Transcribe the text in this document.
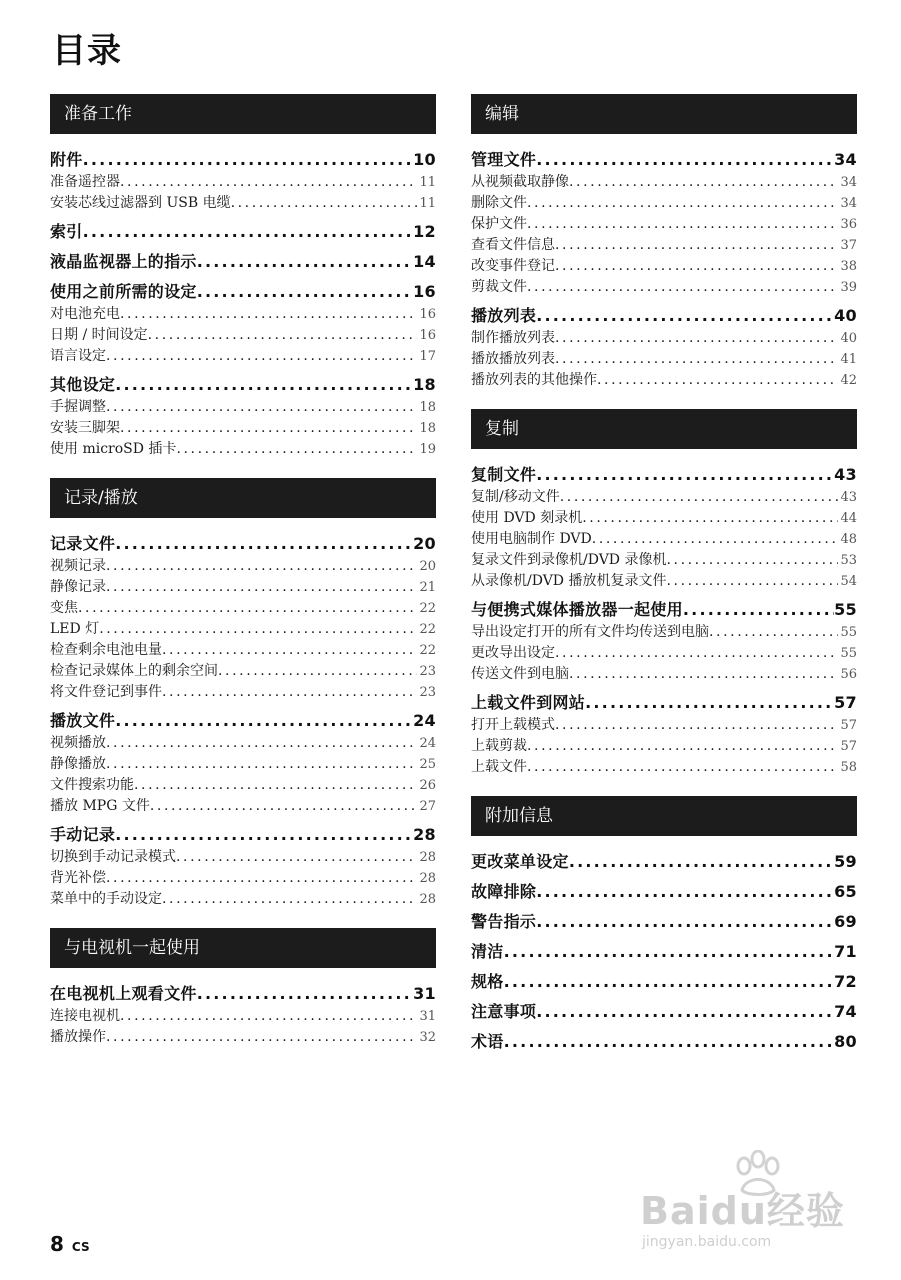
目录
准备工作
附件 .....	10
准备遥控器 .....	11
安装芯线过滤器到 USB 电缆 .....	11
索引 .....	12
液晶监视器上的指示 .....	14
使用之前所需的设定 .....	16
对电池充电 .....	16
日期 / 时间设定 .....	16
语言设定 .....	17
其他设定 .....	18
手握调整 .....	18
安装三脚架 .....	18
使用 microSD 插卡 .....	19
记录/播放
记录文件 .....	20
视频记录 .....	20
静像记录 .....	21
变焦 .....	22
LED 灯 .....	22
检查剩余电池电量 .....	22
检查记录媒体上的剩余空间 .....	23
将文件登记到事件 .....	23
播放文件 .....	24
视频播放 .....	24
静像播放 .....	25
文件搜索功能 .....	26
播放 MPG 文件 .....	27
手动记录 .....	28
切换到手动记录模式 .....	28
背光补偿 .....	28
菜单中的手动设定 .....	28
与电视机一起使用
在电视机上观看文件 .....	31
连接电视机 .....	31
播放操作 .....	32
编辑
管理文件 .....	34
从视频截取静像 .....	34
删除文件 .....	34
保护文件 .....	36
查看文件信息 .....	37
改变事件登记 .....	38
剪裁文件 .....	39
播放列表 .....	40
制作播放列表 .....	40
播放播放列表 .....	41
播放列表的其他操作 .....	42
复制
复制文件 .....	43
复制/移动文件 .....	43
使用 DVD 刻录机 .....	44
使用电脑制作 DVD .....	48
复录文件到录像机/DVD 录像机 .....	53
从录像机/DVD 播放机复录文件 .....	54
与便携式媒体播放器一起使用 .....	55
导出设定打开的所有文件均传送到电脑 .....	55
更改导出设定 .....	55
传送文件到电脑 .....	56
上载文件到网站 .....	57
打开上载模式 .....	57
上载剪裁 .....	57
上载文件 .....	58
附加信息
更改菜单设定 .....	59
故障排除 .....	65
警告指示 .....	69
清洁 .....	71
规格 .....	72
注意事项 .....	74
术语 .....	80
8 CS
Baidu经验
jingyan.baidu.com
